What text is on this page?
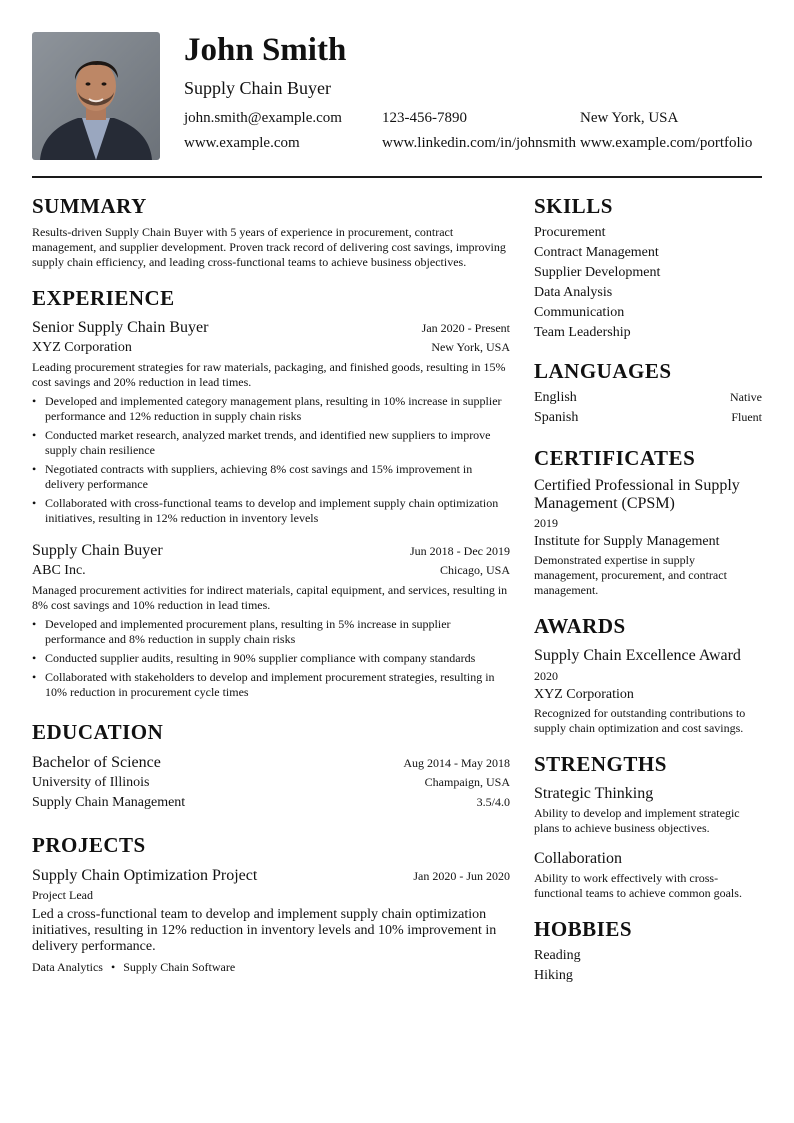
John Smith
Supply Chain Buyer
john.smith@example.com	123-456-7890	New York, USA
www.example.com	www.linkedin.com/in/johnsmith www.example.com/portfolio
SUMMARY
Results-driven Supply Chain Buyer with 5 years of experience in procurement, contract management, and supplier development. Proven track record of delivering cost savings, improving supply chain efficiency, and leading cross-functional teams to achieve business objectives.
EXPERIENCE
Senior Supply Chain Buyer	Jan 2020 - Present
XYZ Corporation	New York, USA
Leading procurement strategies for raw materials, packaging, and finished goods, resulting in 15% cost savings and 20% reduction in lead times.
• Developed and implemented category management plans, resulting in 10% increase in supplier performance and 12% reduction in supply chain risks
• Conducted market research, analyzed market trends, and identified new suppliers to improve supply chain resilience
• Negotiated contracts with suppliers, achieving 8% cost savings and 15% improvement in delivery performance
• Collaborated with cross-functional teams to develop and implement supply chain optimization initiatives, resulting in 12% reduction in inventory levels
Supply Chain Buyer	Jun 2018 - Dec 2019
ABC Inc.	Chicago, USA
Managed procurement activities for indirect materials, capital equipment, and services, resulting in 8% cost savings and 10% reduction in lead times.
• Developed and implemented procurement plans, resulting in 5% increase in supplier performance and 8% reduction in supply chain risks
• Conducted supplier audits, resulting in 90% supplier compliance with company standards
• Collaborated with stakeholders to develop and implement procurement strategies, resulting in 10% reduction in procurement cycle times
EDUCATION
Bachelor of Science	Aug 2014 - May 2018
University of Illinois	Champaign, USA
Supply Chain Management	3.5/4.0
PROJECTS
Supply Chain Optimization Project	Jan 2020 - Jun 2020
Project Lead
Led a cross-functional team to develop and implement supply chain optimization initiatives, resulting in 12% reduction in inventory levels and 10% improvement in delivery performance.
Data Analytics • Supply Chain Software
SKILLS
Procurement
Contract Management
Supplier Development
Data Analysis
Communication
Team Leadership
LANGUAGES
English	Native
Spanish	Fluent
CERTIFICATES
Certified Professional in Supply Management (CPSM)
2019
Institute for Supply Management
Demonstrated expertise in supply management, procurement, and contract management.
AWARDS
Supply Chain Excellence Award
2020
XYZ Corporation
Recognized for outstanding contributions to supply chain optimization and cost savings.
STRENGTHS
Strategic Thinking
Ability to develop and implement strategic plans to achieve business objectives.
Collaboration
Ability to work effectively with cross-functional teams to achieve common goals.
HOBBIES
Reading
Hiking
